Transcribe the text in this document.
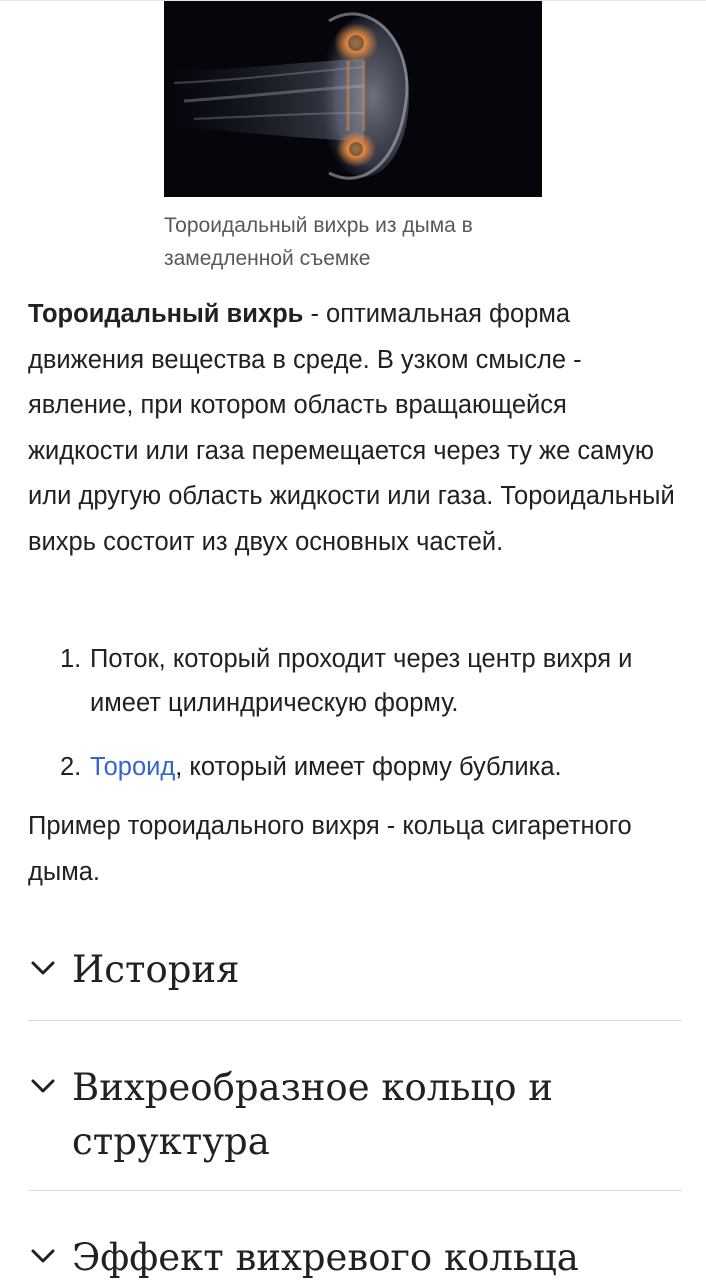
Тороидальный вихрь из дыма в замедленной съемке

Тороидальный вихрь - оптимальная форма движения вещества в среде. В узком смысле - явление, при котором область вращающейся жидкости или газа перемещается через ту же самую или другую область жидкости или газа. Тороидальный вихрь состоит из двух основных частей.

1. Поток, который проходит через центр вихря и имеет цилиндрическую форму.
2. Тороид, который имеет форму бублика.

Пример тороидального вихря - кольца сигаретного дыма.

История
Вихреобразное кольцо и структура
Эффект вихревого кольца
